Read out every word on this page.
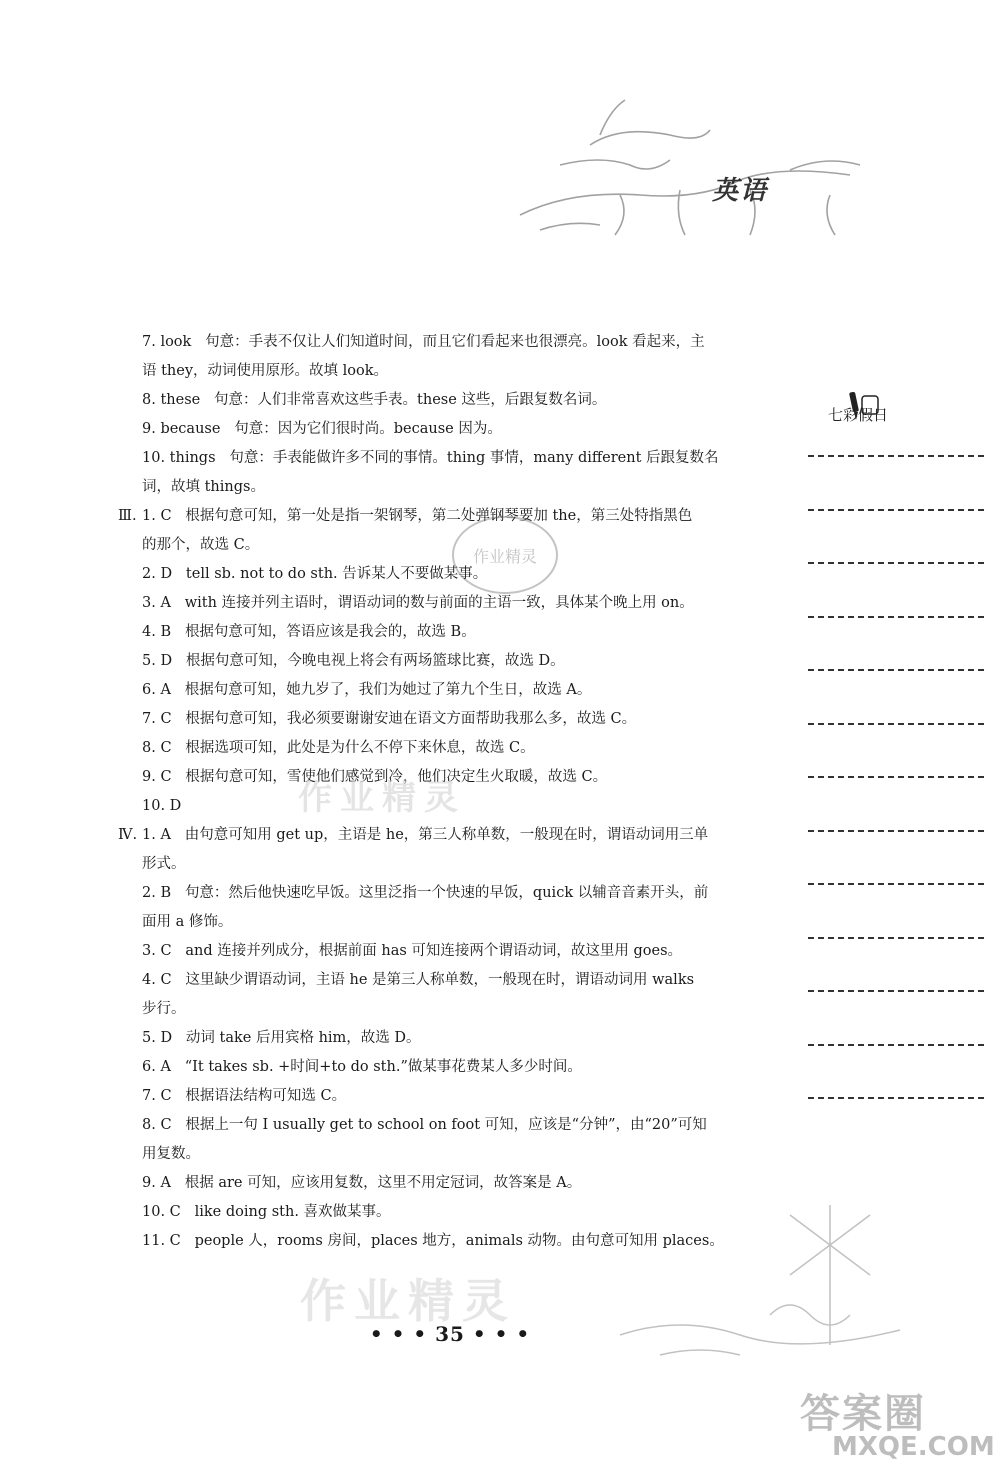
英语
七彩假日
7. look 句意：手表不仅让人们知道时间，而且它们看起来也很漂亮。look 看起来，主
语 they，动词使用原形。故填 look。
8. these 句意：人们非常喜欢这些手表。these 这些，后跟复数名词。
9. because 句意：因为它们很时尚。because 因为。
10. things 句意：手表能做许多不同的事情。thing 事情，many different 后跟复数名
词，故填 things。
Ⅲ. 1. C 根据句意可知，第一处是指一架钢琴，第二处弹钢琴要加 the，第三处特指黑色
的那个，故选 C。
2. D tell sb. not to do sth. 告诉某人不要做某事。
3. A with 连接并列主语时，谓语动词的数与前面的主语一致，具体某个晚上用 on。
4. B 根据句意可知，答语应该是我会的，故选 B。
5. D 根据句意可知，今晚电视上将会有两场篮球比赛，故选 D。
6. A 根据句意可知，她九岁了，我们为她过了第九个生日，故选 A。
7. C 根据句意可知，我必须要谢谢安迪在语文方面帮助我那么多，故选 C。
8. C 根据选项可知，此处是为什么不停下来休息，故选 C。
9. C 根据句意可知，雪使他们感觉到冷，他们决定生火取暖，故选 C。
10. D
Ⅳ. 1. A 由句意可知用 get up，主语是 he，第三人称单数，一般现在时，谓语动词用三单
形式。
2. B 句意：然后他快速吃早饭。这里泛指一个快速的早饭，quick 以辅音音素开头，前
面用 a 修饰。
3. C and 连接并列成分，根据前面 has 可知连接两个谓语动词，故这里用 goes。
4. C 这里缺少谓语动词，主语 he 是第三人称单数，一般现在时，谓语动词用 walks
步行。
5. D 动词 take 后用宾格 him，故选 D。
6. A “It takes sb. +时间+to do sth.”做某事花费某人多少时间。
7. C 根据语法结构可知选 C。
8. C 根据上一句 I usually get to school on foot 可知，应该是“分钟”，由“20”可知
用复数。
9. A 根据 are 可知，应该用复数，这里不用定冠词，故答案是 A。
10. C like doing sth. 喜欢做某事。
11. C people 人，rooms 房间，places 地方，animals 动物。由句意可知用 places。
作业精灵
作业精灵
作业精灵
• • • 35 • • •
答案圈
MXQE.COM
